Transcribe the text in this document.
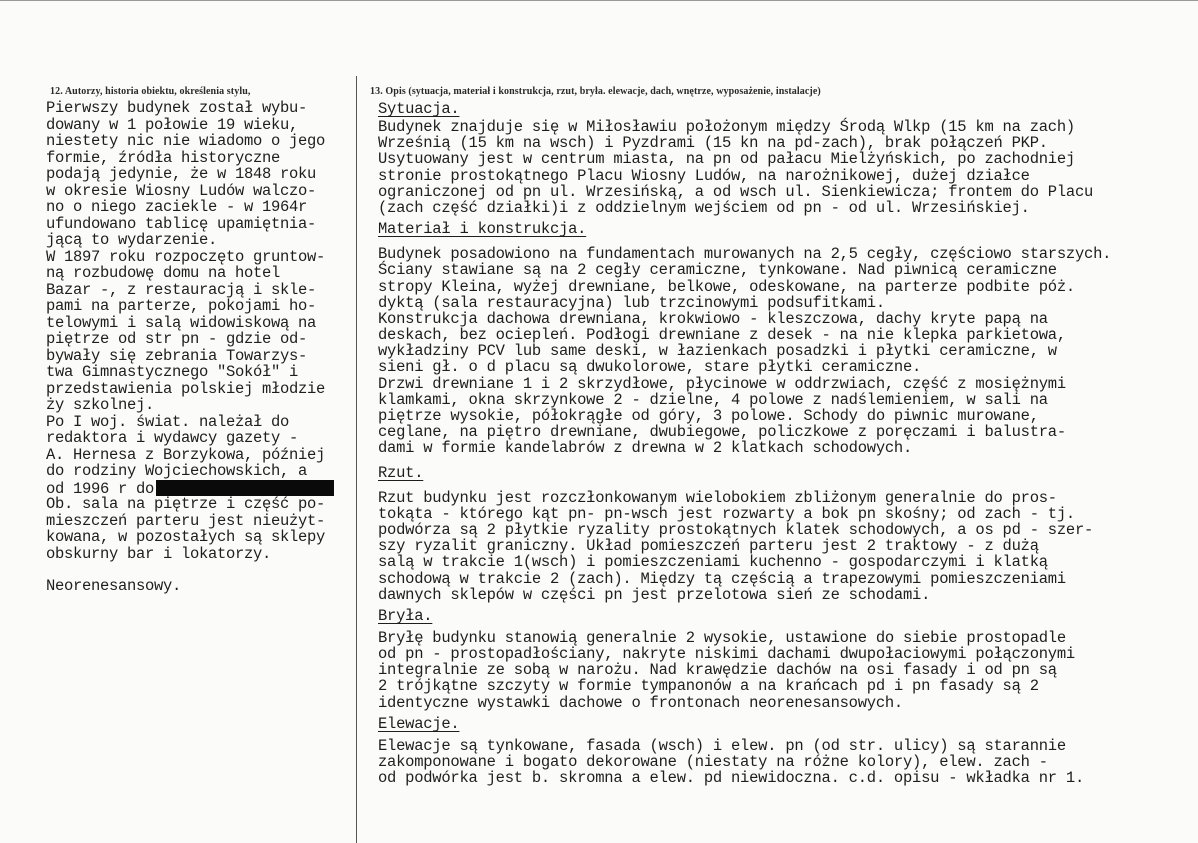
12. Autorzy, historia obiektu, określenia stylu,	13. Opis (sytuacja, materiał i konstrukcja, rzut, bryła. elewacje, dach, wnętrze, wyposażenie, instalacje)
Pierwszy budynek został wybu-
dowany w 1 połowie 19 wieku,
niestety nic nie wiadomo o jego
formie, źródła historyczne
podają jedynie, że w 1848 roku
w okresie Wiosny Ludów walczo-
no o niego zaciekle - w 1964r
ufundowano tablicę upamiętnia-
jącą to wydarzenie.
W 1897 roku rozpoczęto gruntow-
ną rozbudowę domu na hotel
Bazar -, z restauracją i skle-
pami na parterze, pokojami ho-
telowymi i salą widowiskową na
piętrze od str pn - gdzie od-
bywały się zebrania Towarzys-
twa Gimnastycznego "Sokół" i
przedstawienia polskiej młodzie
ży szkolnej.
Po I woj. świat. należał do
redaktora i wydawcy gazety -
A. Hernesa z Borzykowa, później
do rodziny Wojciechowskich, a
od 1996 r do
Ob. sala na piętrze i część po-
mieszczeń parteru jest nieużyt-
kowana, w pozostałych są sklepy
obskurny bar i lokatorzy.
Neorenesansowy.
Sytuacja.
Budynek znajduje się w Miłosławiu położonym między Środą Wlkp (15 km na zach)
Wrześnią (15 km na wsch) i Pyzdrami (15 kn na pd-zach), brak połączeń PKP.
Usytuowany jest w centrum miasta, na pn od pałacu Mielżyńskich, po zachodniej
stronie prostokątnego Placu Wiosny Ludów, na narożnikowej, dużej działce
ograniczonej od pn ul. Wrzesińską, a od wsch ul. Sienkiewicza; frontem do Placu
(zach część działki)i z oddzielnym wejściem od pn - od ul. Wrzesińskiej.
Materiał i konstrukcja.
Budynek posadowiono na fundamentach murowanych na 2,5 cegły, częściowo starszych.
Ściany stawiane są na 2 cegły ceramiczne, tynkowane. Nad piwnicą ceramiczne
stropy Kleina, wyżej drewniane, belkowe, odeskowane, na parterze podbite póż.
dyktą (sala restauracyjna) lub trzcinowymi podsufitkami.
Konstrukcja dachowa drewniana, krokwiowo - kleszczowa, dachy kryte papą na
deskach, bez ociepleń. Podłogi drewniane z desek - na nie klepka parkietowa,
wykładziny PCV lub same deski, w łazienkach posadzki i płytki ceramiczne, w
sieni gł. o d placu są dwukolorowe, stare płytki ceramiczne.
Drzwi drewniane 1 i 2 skrzydłowe, płycinowe w oddrzwiach, część z mosiężnymi
klamkami, okna skrzynkowe 2 - dzielne, 4 polowe z nadślemieniem, w sali na
piętrze wysokie, półokrągłe od góry, 3 polowe. Schody do piwnic murowane,
ceglane, na piętro drewniane, dwubiegowe, policzkowe z poręczami i balustra-
dami w formie kandelabrów z drewna w 2 klatkach schodowych.
Rzut.
Rzut budynku jest rozczłonkowanym wielobokiem zbliżonym generalnie do pros-
tokąta - którego kąt pn- pn-wsch jest rozwarty a bok pn skośny; od zach - tj.
podwórza są 2 płytkie ryzality prostokątnych klatek schodowych, a os pd - szer-
szy ryzalit graniczny. Układ pomieszczeń parteru jest 2 traktowy - z dużą
salą w trakcie 1(wsch) i pomieszczeniami kuchenno - gospodarczymi i klatką
schodową w trakcie 2 (zach). Między tą częścią a trapezowymi pomieszczeniami
dawnych sklepów w części pn jest przelotowa sień ze schodami.
Bryła.
Bryłę budynku stanowią generalnie 2 wysokie, ustawione do siebie prostopadle
od pn - prostopadłościany, nakryte niskimi dachami dwupołaciowymi połączonymi
integralnie ze sobą w narożu. Nad krawędzie dachów na osi fasady i od pn są
2 trójkątne szczyty w formie tympanonów a na krańcach pd i pn fasady są 2
identyczne wystawki dachowe o frontonach neorenesansowych.
Elewacje.
Elewacje są tynkowane, fasada (wsch) i elew. pn (od str. ulicy) są starannie
zakomponowane i bogato dekorowane (niestaty na różne kolory), elew. zach -
od podwórka jest b. skromna a elew. pd niewidoczna. c.d. opisu - wkładka nr 1.
